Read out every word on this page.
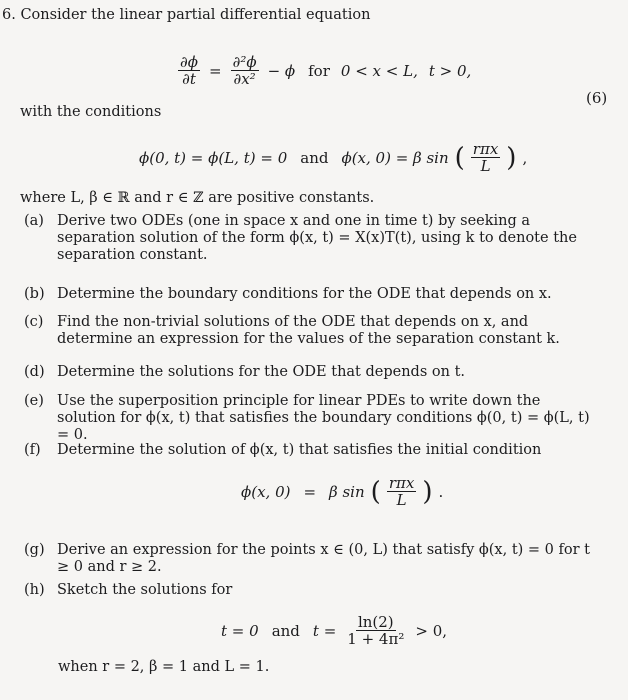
6. Consider the linear partial differential equation
$\frac{\partial\phi}{\partial t} = \frac{\text{∂²ϕ}}{\text{∂x²}} - \phi$ for 0 < x < L, t > 0,
(6)
with the conditions
ϕ(0, t) = ϕ(L, t) = 0 and ϕ(x, 0) = β sin ( $\frac{\text{rπx}}{L}$ ) ,
where L, β ∈ ℝ and r ∈ ℤ are positive constants.
(a) Derive two ODEs (one in space x and one in time t) by seeking a separation solution of the form ϕ(x, t) = X(x)T(t), using k to denote the separation constant.
(b) Determine the boundary conditions for the ODE that depends on x.
(c) Find the non-trivial solutions of the ODE that depends on x, and determine an expression for the values of the separation constant k.
(d) Determine the solutions for the ODE that depends on t.
(e) Use the superposition principle for linear PDEs to write down the solution for ϕ(x, t) that satisfies the boundary conditions ϕ(0, t) = ϕ(L, t) = 0.
(f) Determine the solution of ϕ(x, t) that satisfies the initial condition
ϕ(x, 0) = β sin ( $\frac{\text{rπx}}{L}$ ) .
(g) Derive an expression for the points x ∈ (0, L) that satisfy ϕ(x, t) = 0 for t ≥ 0 and r ≥ 2.
(h) Sketch the solutions for
t = 0 and $t = \frac{\ln(2)}{\text{1 + 4π²}} > 0$,
when r = 2, β = 1 and L = 1.
